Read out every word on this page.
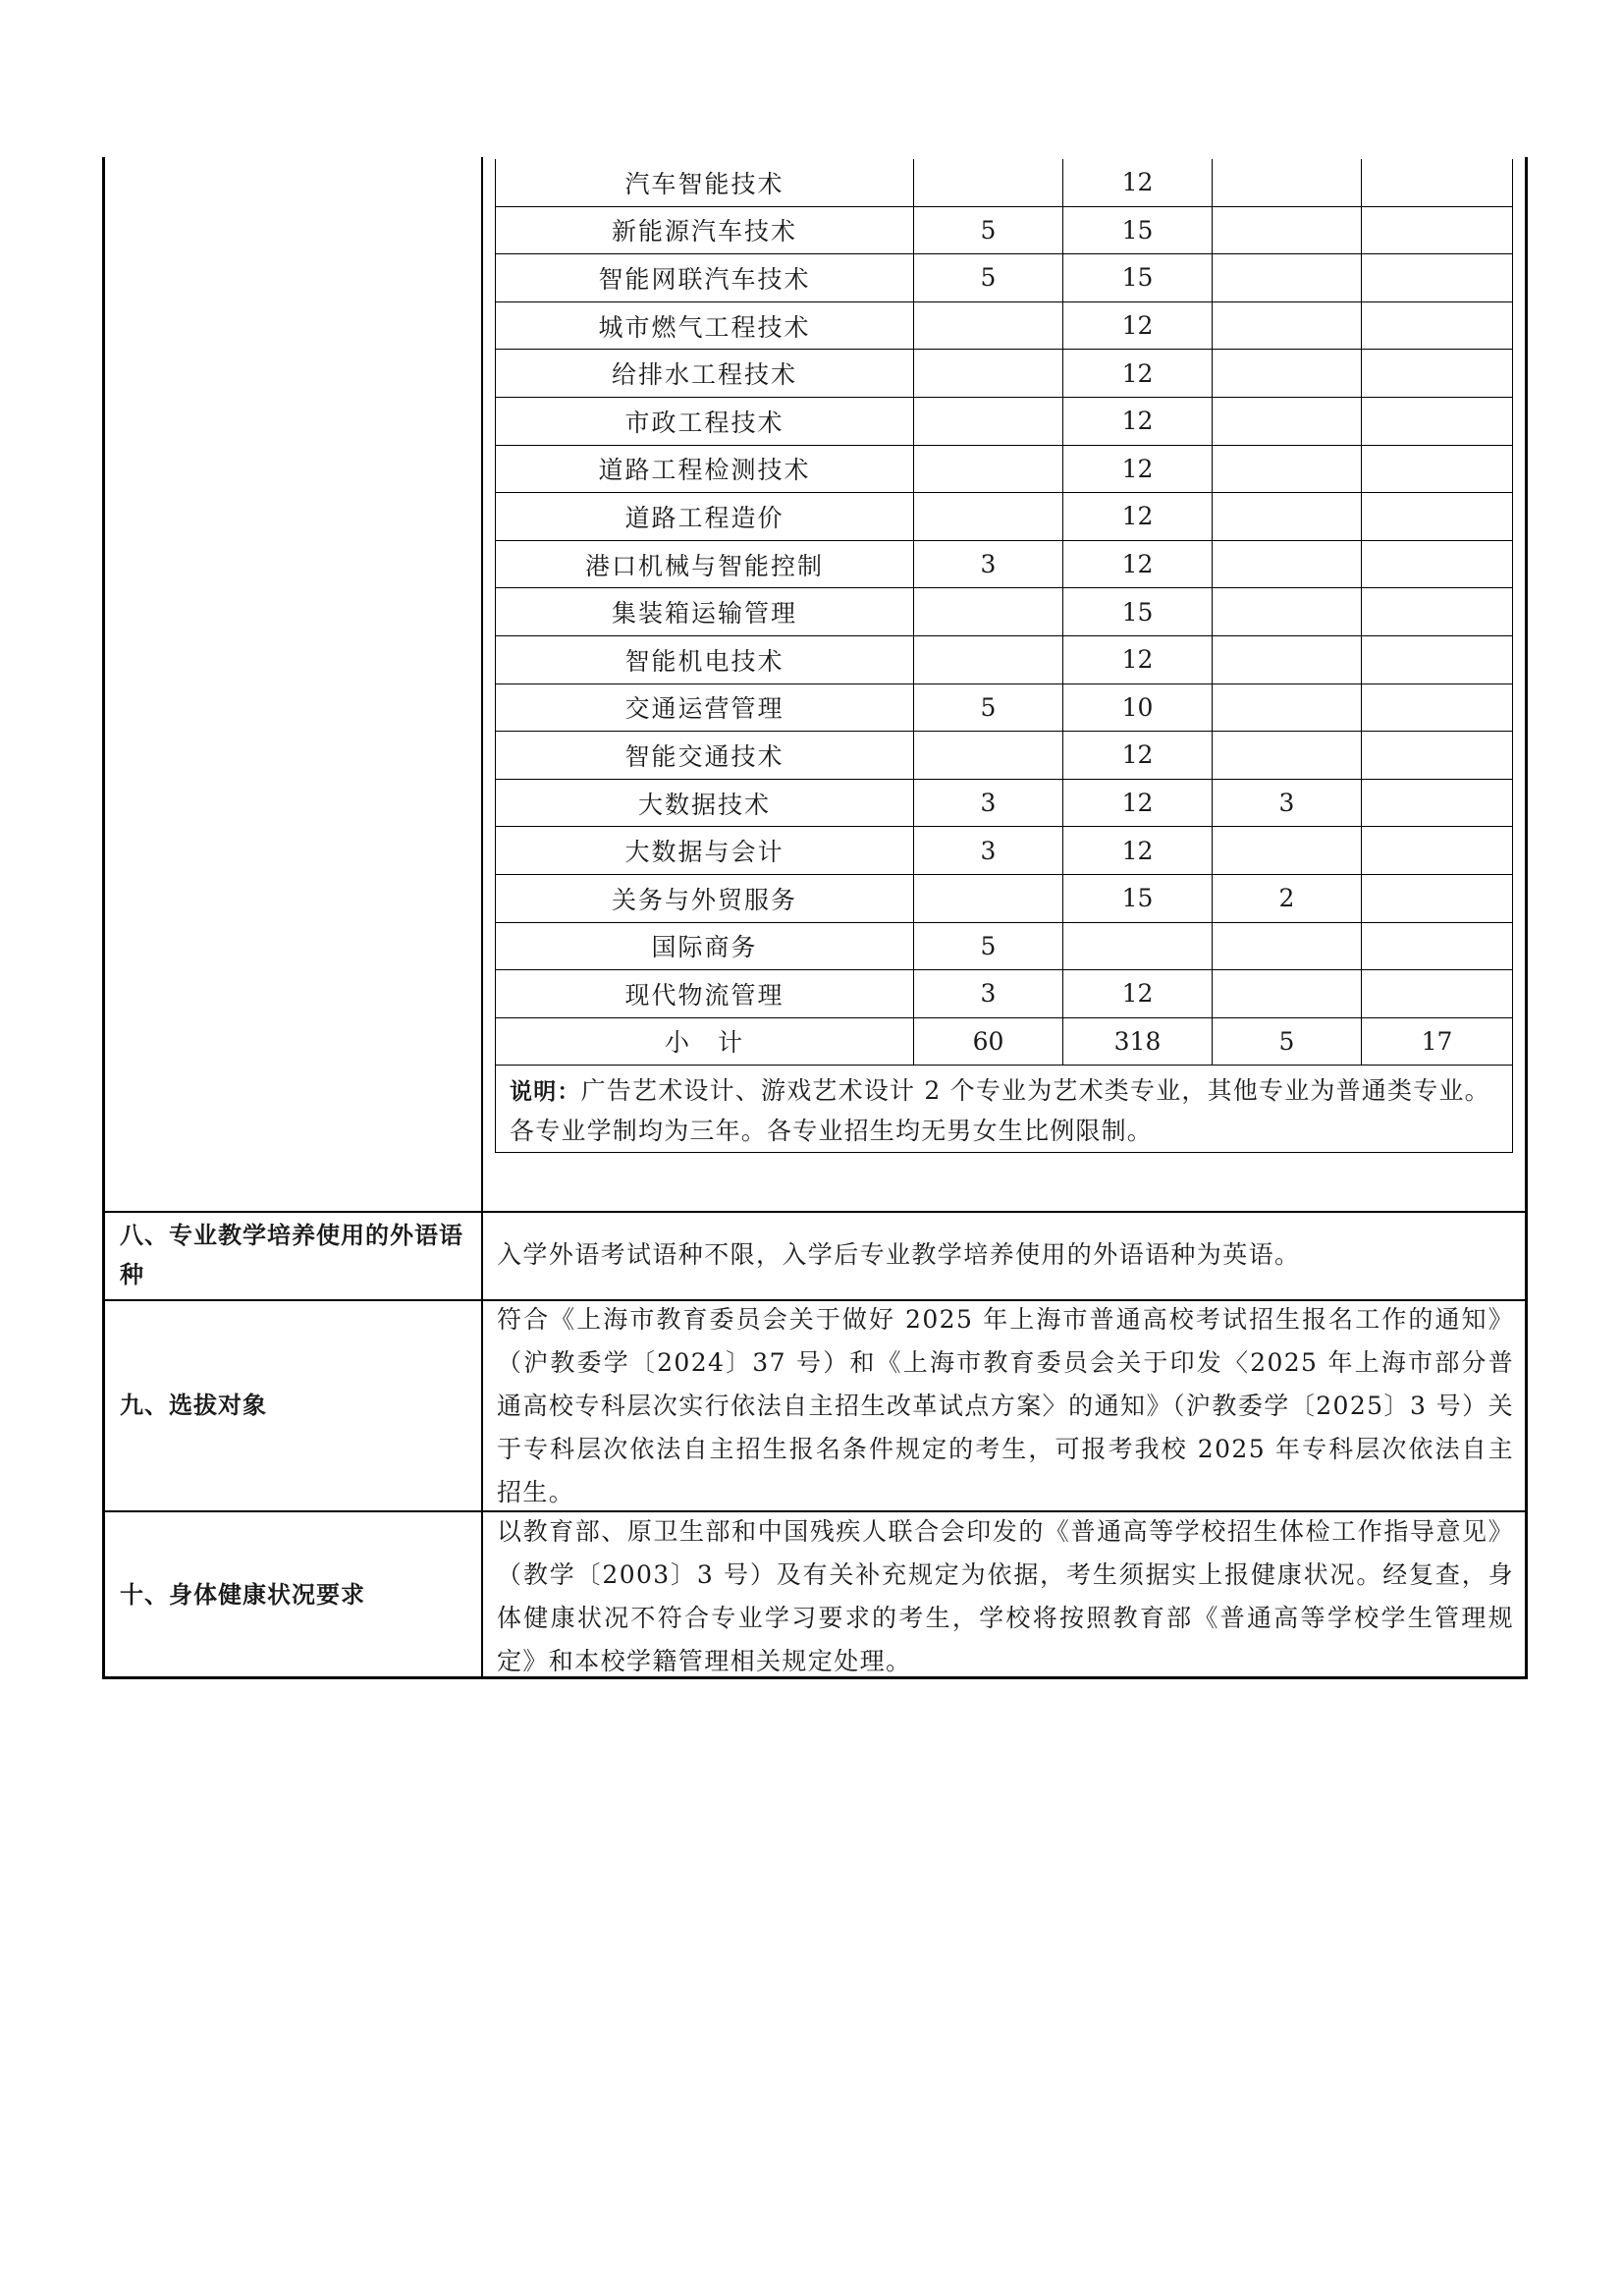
汽车智能技术		12		
新能源汽车技术	5	15		
智能网联汽车技术	5	15		
城市燃气工程技术		12		
给排水工程技术		12		
市政工程技术		12		
道路工程检测技术		12		
道路工程造价		12		
港口机械与智能控制	3	12		
集装箱运输管理		15		
智能机电技术		12		
交通运营管理	5	10		
智能交通技术		12		
大数据技术	3	12	3	
大数据与会计	3	12		
关务与外贸服务		15	2	
国际商务	5			
现代物流管理	3	12		
小　计	60	318	5	17
说明：广告艺术设计、游戏艺术设计 2 个专业为艺术类专业，其他专业为普通类专业。各专业学制均为三年。各专业招生均无男女生比例限制。				
八、专业教学培养使用的外语语种
入学外语考试语种不限，入学后专业教学培养使用的外语语种为英语。
九、选拔对象
符合《上海市教育委员会关于做好 2025 年上海市普通高校考试招生报名工作的通知》（沪教委学〔2024〕37 号）和《上海市教育委员会关于印发〈2025 年上海市部分普通高校专科层次实行依法自主招生改革试点方案〉的通知》（沪教委学〔2025〕3 号）关于专科层次依法自主招生报名条件规定的考生，可报考我校 2025 年专科层次依法自主招生。
十、身体健康状况要求
以教育部、原卫生部和中国残疾人联合会印发的《普通高等学校招生体检工作指导意见》（教学〔2003〕3 号）及有关补充规定为依据，考生须据实上报健康状况。经复查，身体健康状况不符合专业学习要求的考生，学校将按照教育部《普通高等学校学生管理规定》和本校学籍管理相关规定处理。
